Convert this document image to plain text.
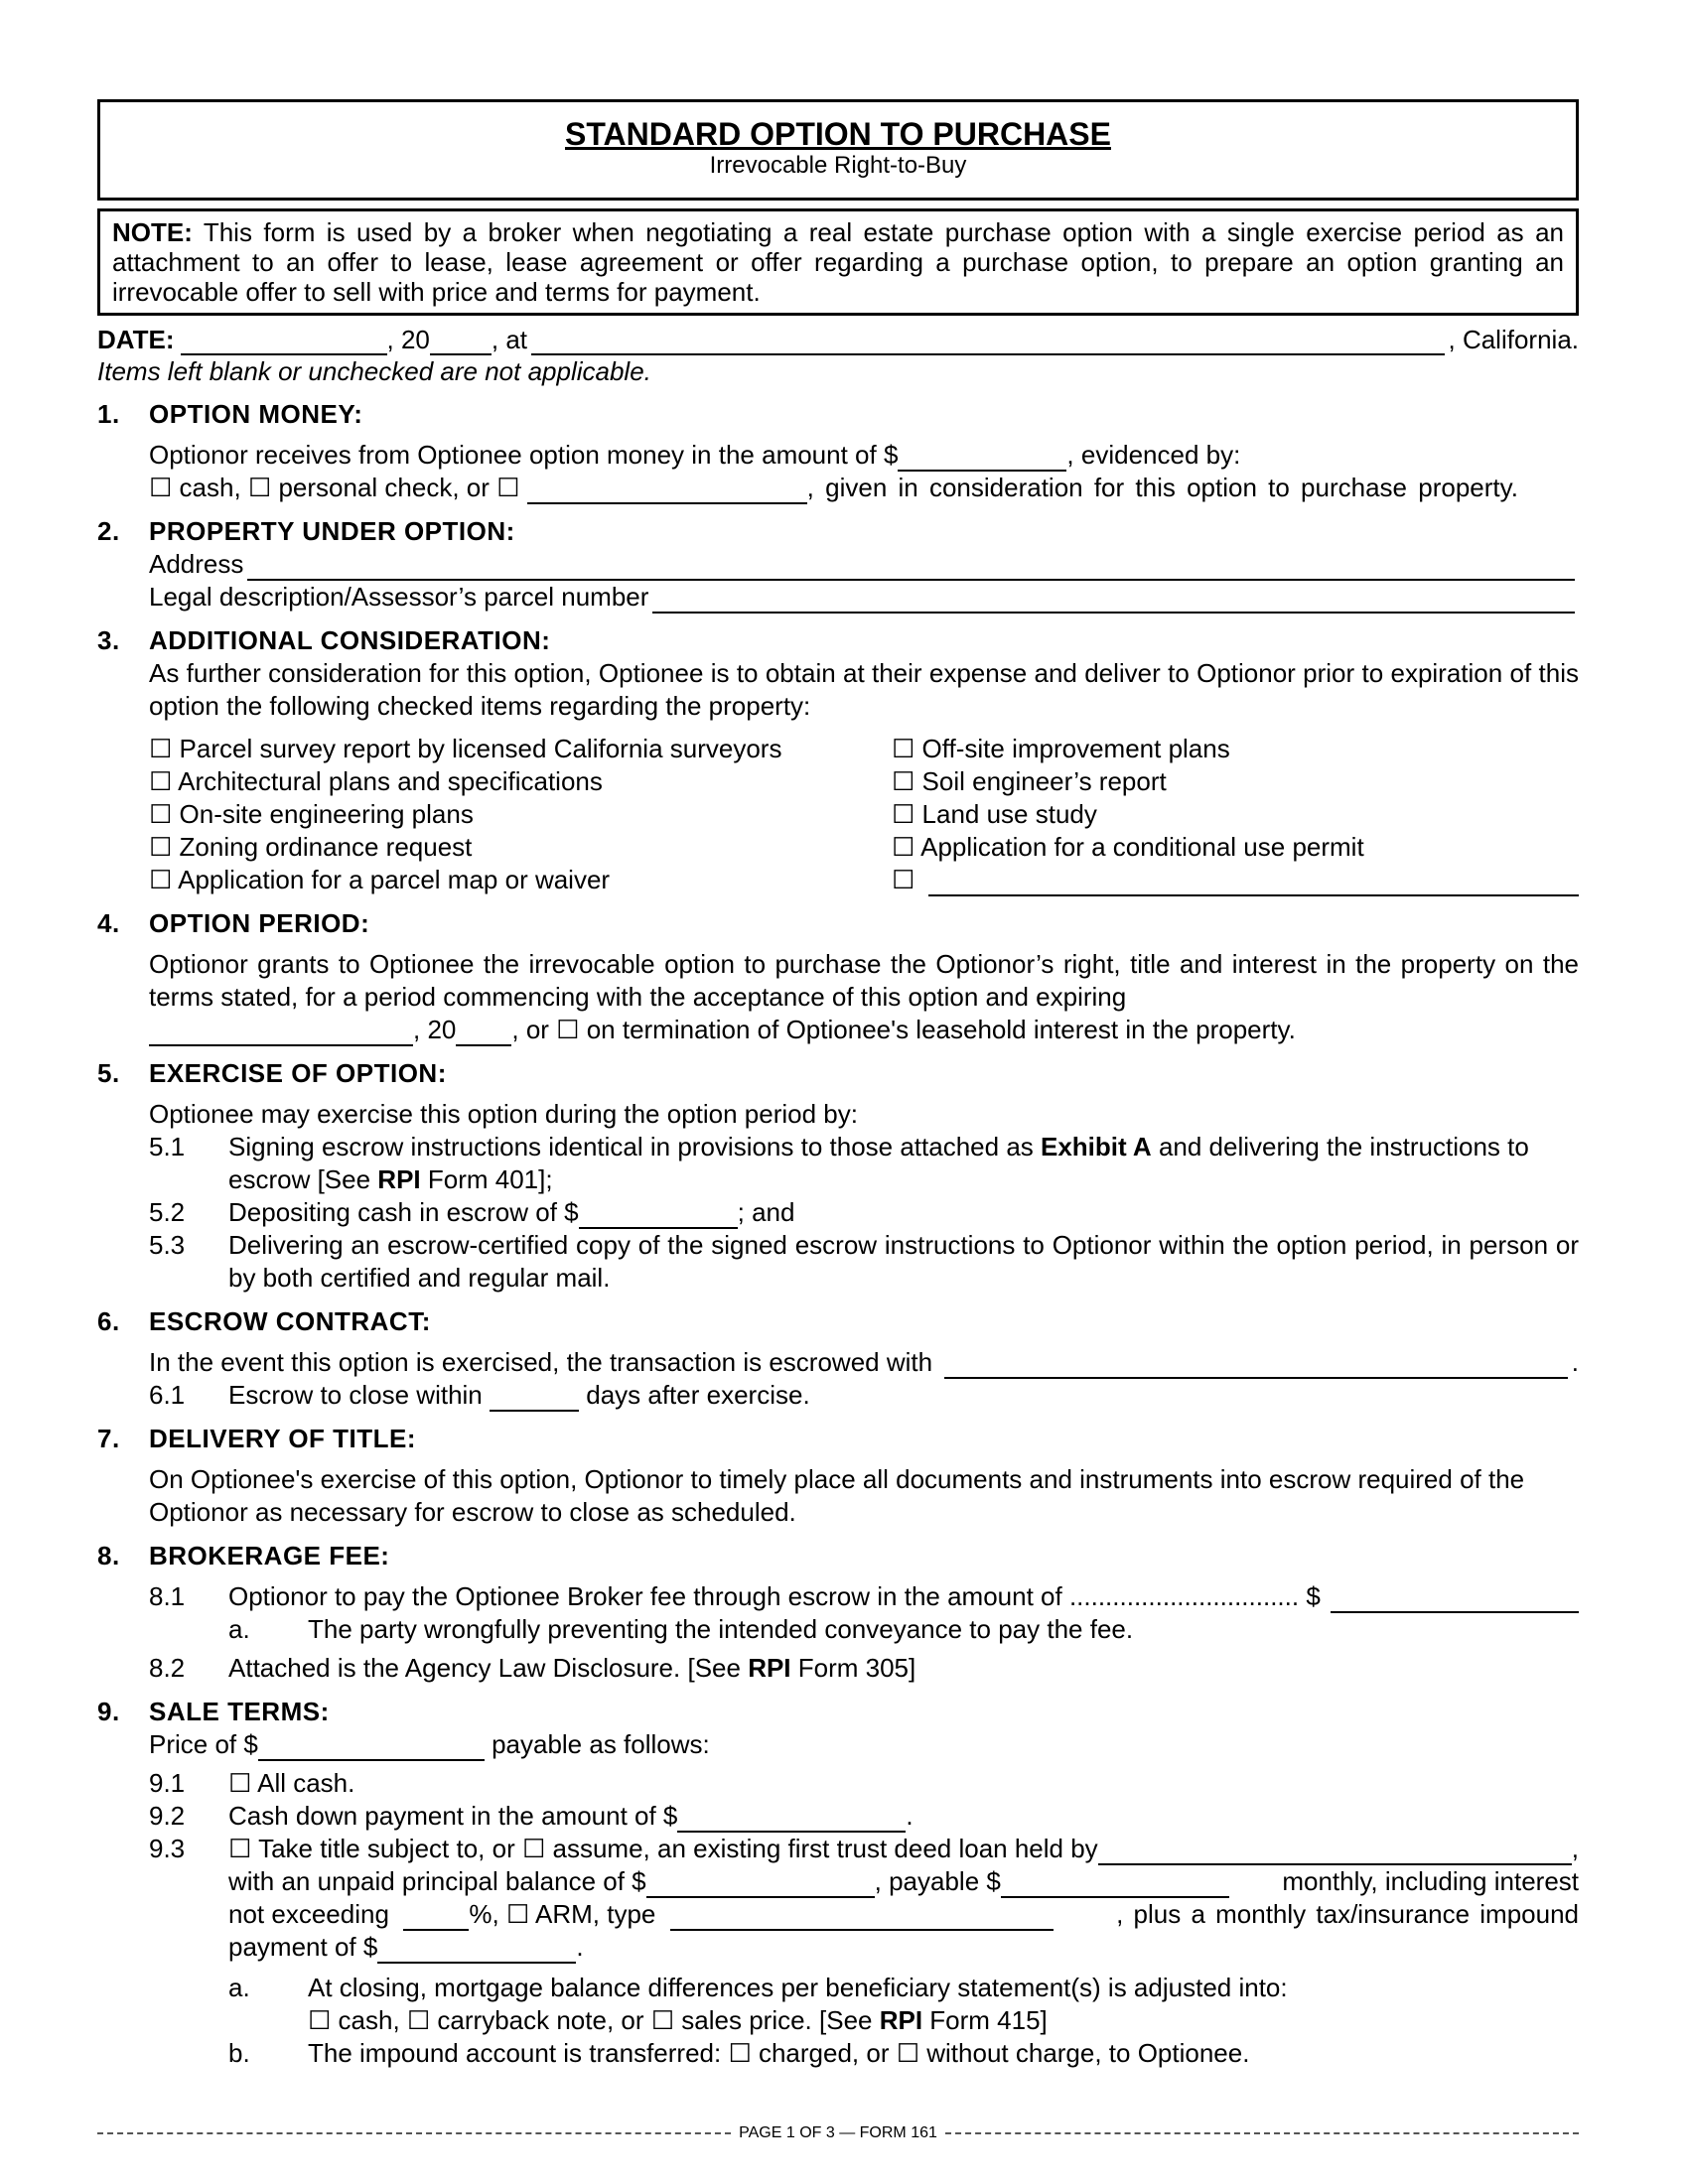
STANDARD OPTION TO PURCHASE
Irrevocable Right-to-Buy
NOTE: This form is used by a broker when negotiating a real estate purchase option with a single exercise period as an attachment to an offer to lease, lease agreement or offer regarding a purchase option, to prepare an option granting an irrevocable offer to sell with price and terms for payment.
DATE:	, 20 , at	, California.
Items left blank or unchecked are not applicable.
1.	OPTION MONEY:
Optionor receives from Optionee option money in the amount of $	, evidenced by:
☐ cash,
☐ personal check, or ☐
	, given in consideration for this option to purchase property.
2.	PROPERTY UNDER OPTION:
Address
Legal description/Assessor’s parcel number
3.	ADDITIONAL CONSIDERATION:
As further consideration for this option, Optionee is to obtain at their expense and deliver to Optionor prior to expiration of this option the following checked items regarding the property:
☐ Parcel survey report by licensed California surveyors
☐ Architectural plans and specifications
☐ On-site engineering plans
☐ Zoning ordinance request
☐ Application for a parcel map or waiver
☐ Off-site improvement plans
☐ Soil engineer’s report
☐ Land use study
☐ Application for a conditional use permit
☐
4.	OPTION PERIOD:
Optionor grants to Optionee the irrevocable option to purchase the Optionor’s right, title and interest in the property on the terms stated, for a period commencing with the acceptance of this option and expiring
, 20 , or ☐ on termination of Optionee's leasehold interest in the property.
5.	EXERCISE OF OPTION:
Optionee may exercise this option during the option period by:
5.1	Signing escrow instructions identical in provisions to those attached as Exhibit A and delivering the instructions to escrow [See RPI Form 401];
5.2	Depositing cash in escrow of $	; and
5.3	Delivering an escrow-certified copy of the signed escrow instructions to Optionor within the option period, in person or by both certified and regular mail.
6.	ESCROW CONTRACT:
In the event this option is exercised, the transaction is escrowed with	.
6.1	Escrow to close within

	days after exercise.
7.	DELIVERY OF TITLE:
On Optionee's exercise of this option, Optionor to timely place all documents and instruments into escrow required of the Optionor as necessary for escrow to close as scheduled.
8.	BROKERAGE FEE:
8.1	Optionor to pay the Optionee Broker fee through escrow in the amount of ................................ $
a.	The party wrongfully preventing the intended conveyance to pay the fee.
8.2	Attached is the Agency Law Disclosure. [See RPI Form 305]
9.	SALE TERMS:
Price of $
	payable as follows:
9.1	☐ All cash.
9.2	Cash down payment in the amount of $	.
9.3	☐ Take title subject to, or ☐ assume, an existing first trust deed loan held by	,
with an unpaid principal balance of $	, payable $	monthly, including interest
not exceeding
	%, ☐ ARM, type
	, plus a monthly tax/insurance impound
payment of $	.
a.	At closing, mortgage balance differences per beneficiary statement(s) is adjusted into:
☐ cash, ☐ carryback note, or ☐ sales price. [See RPI Form 415]
b.	The impound account is transferred: ☐ charged, or ☐ without charge, to Optionee.
PAGE 1 OF 3 — FORM 161
